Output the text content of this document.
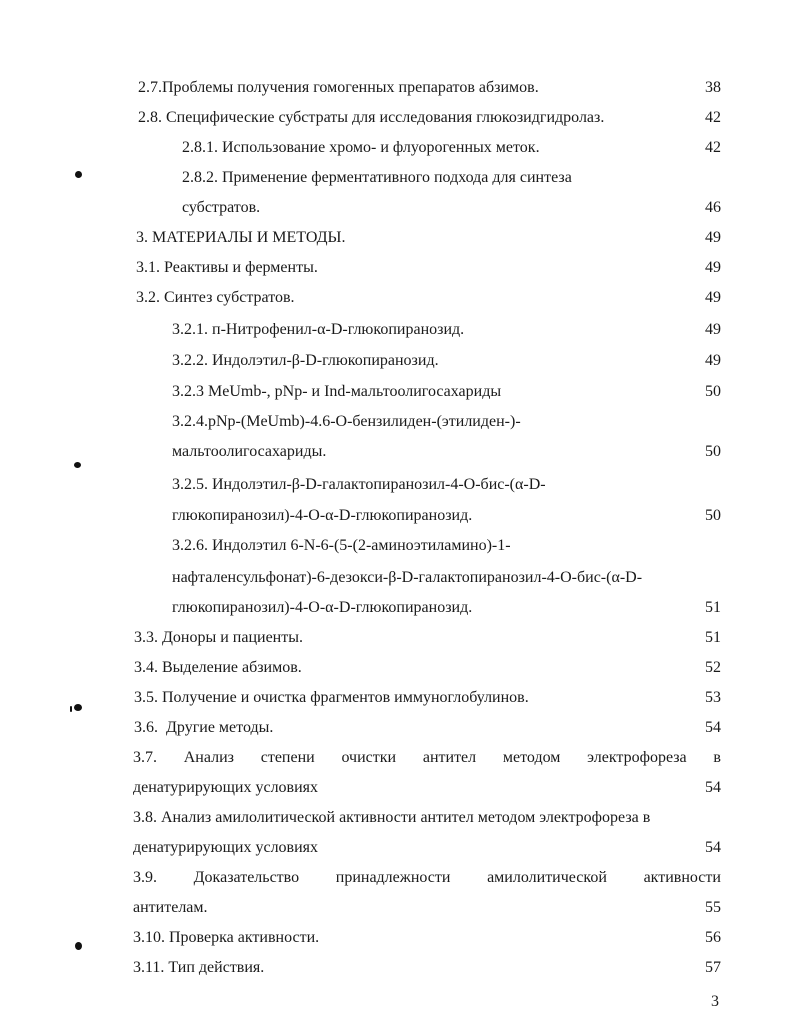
2.7.Проблемы получения гомогенных препаратов абзимов.	38
2.8. Специфические субстраты для исследования глюкозидгидролаз.	42
2.8.1. Использование хромо- и флуорогенных меток.	42
2.8.2. Применение ферментативного подхода для синтеза
субстратов.	46
3. МАТЕРИАЛЫ И МЕТОДЫ.	49
3.1. Реактивы и ферменты.	49
3.2. Синтез субстратов.	49
3.2.1. п-Нитрофенил-α-D-глюкопиранозид.	49
3.2.2. Индолэтил-β-D-глюкопиранозид.	49
3.2.3 MeUmb-, pNp- и Ind-мальтоолигосахариды	50
3.2.4.pNp-(MeUmb)-4.6-O-бензилиден-(этилиден-)-
мальтоолигосахариды.	50
3.2.5. Индолэтил-β-D-галактопиранозил-4-O-бис-(α-D-
глюкопиранозил)-4-O-α-D-глюкопиранозид.	50
3.2.6. Индолэтил 6-N-6-(5-(2-аминоэтиламино)-1-
нафталенсульфонат)-6-дезокси-β-D-галактопиранозил-4-O-бис-(α-D-
глюкопиранозил)-4-O-α-D-глюкопиранозид.	51
3.3. Доноры и пациенты.	51
3.4. Выделение абзимов.	52
3.5. Получение и очистка фрагментов иммуноглобулинов.	53
3.6.  Другие методы.	54
3.7. Анализ степени очистки антител методом электрофореза в
денатурирующих условиях	54
3.8. Анализ амилолитической активности антител методом электрофореза в
денатурирующих условиях	54
3.9. Доказательство принадлежности амилолитической активности
антителам.	55
3.10. Проверка активности.	56
3.11. Тип действия.	57
3
